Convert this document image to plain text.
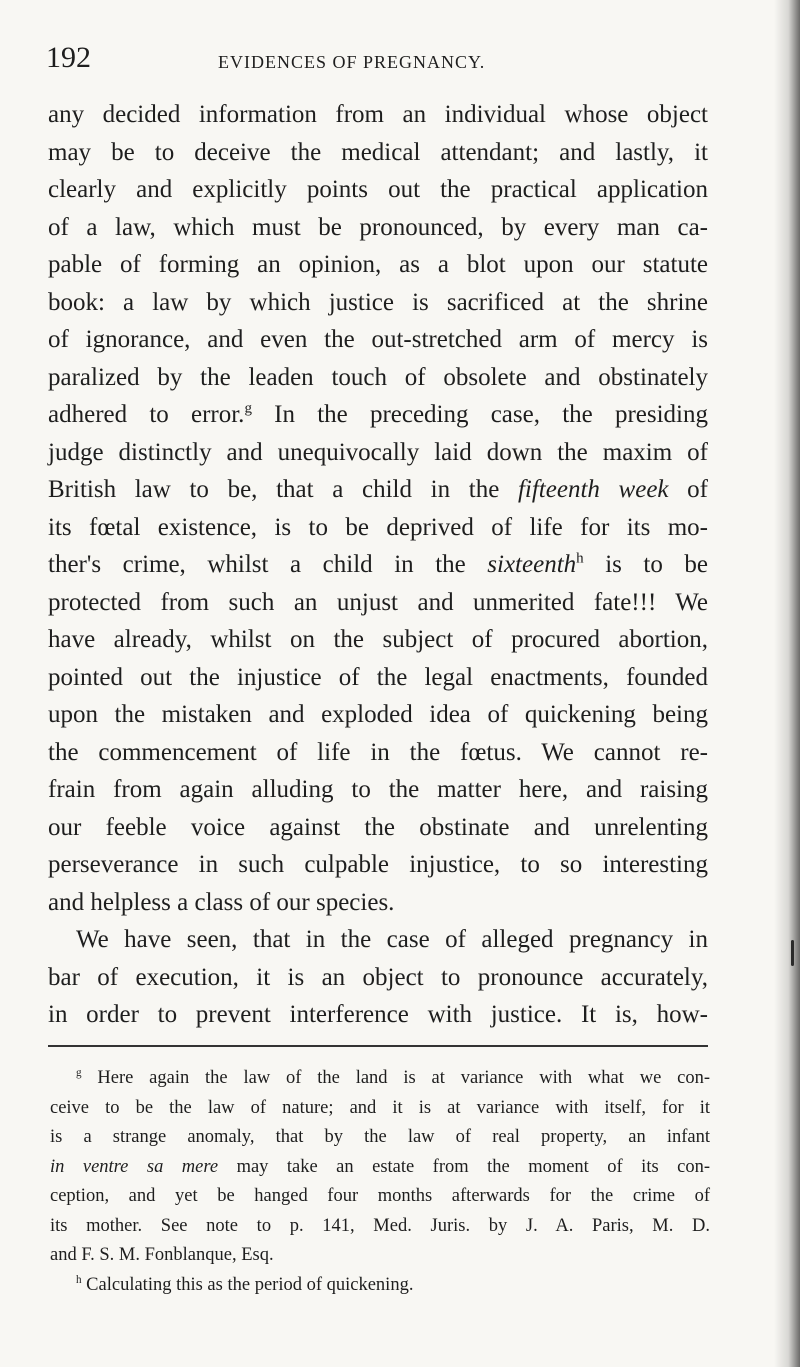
192	EVIDENCES OF PREGNANCY.
any decided information from an individual whose object
may be to deceive the medical attendant; and lastly, it
clearly and explicitly points out the practical application
of a law, which must be pronounced, by every man ca-
pable of forming an opinion, as a blot upon our statute
book: a law by which justice is sacrificed at the shrine
of ignorance, and even the out-stretched arm of mercy is
paralized by the leaden touch of obsolete and obstinately
adhered to error.$^g$ In the preceding case, the presiding
judge distinctly and unequivocally laid down the maxim of
British law to be, that a child in the fifteenth week of
its fœtal existence, is to be deprived of life for its mo-
ther's crime, whilst a child in the sixteenth$^h$ is to be
protected from such an unjust and unmerited fate!!! We
have already, whilst on the subject of procured abortion,
pointed out the injustice of the legal enactments, founded
upon the mistaken and exploded idea of quickening being
the commencement of life in the fœtus. We cannot re-
frain from again alluding to the matter here, and raising
our feeble voice against the obstinate and unrelenting
perseverance in such culpable injustice, to so interesting
and helpless a class of our species.
We have seen, that in the case of alleged pregnancy in
bar of execution, it is an object to pronounce accurately,
in order to prevent interference with justice. It is, how-
$^g$ Here again the law of the land is at variance with what we con-
ceive to be the law of nature; and it is at variance with itself, for it
is a strange anomaly, that by the law of real property, an infant
in ventre sa mere may take an estate from the moment of its con-
ception, and yet be hanged four months afterwards for the crime of
its mother. See note to p. 141, Med. Juris. by J. A. Paris, M. D.
and F. S. M. Fonblanque, Esq.
$^h$ Calculating this as the period of quickening.
